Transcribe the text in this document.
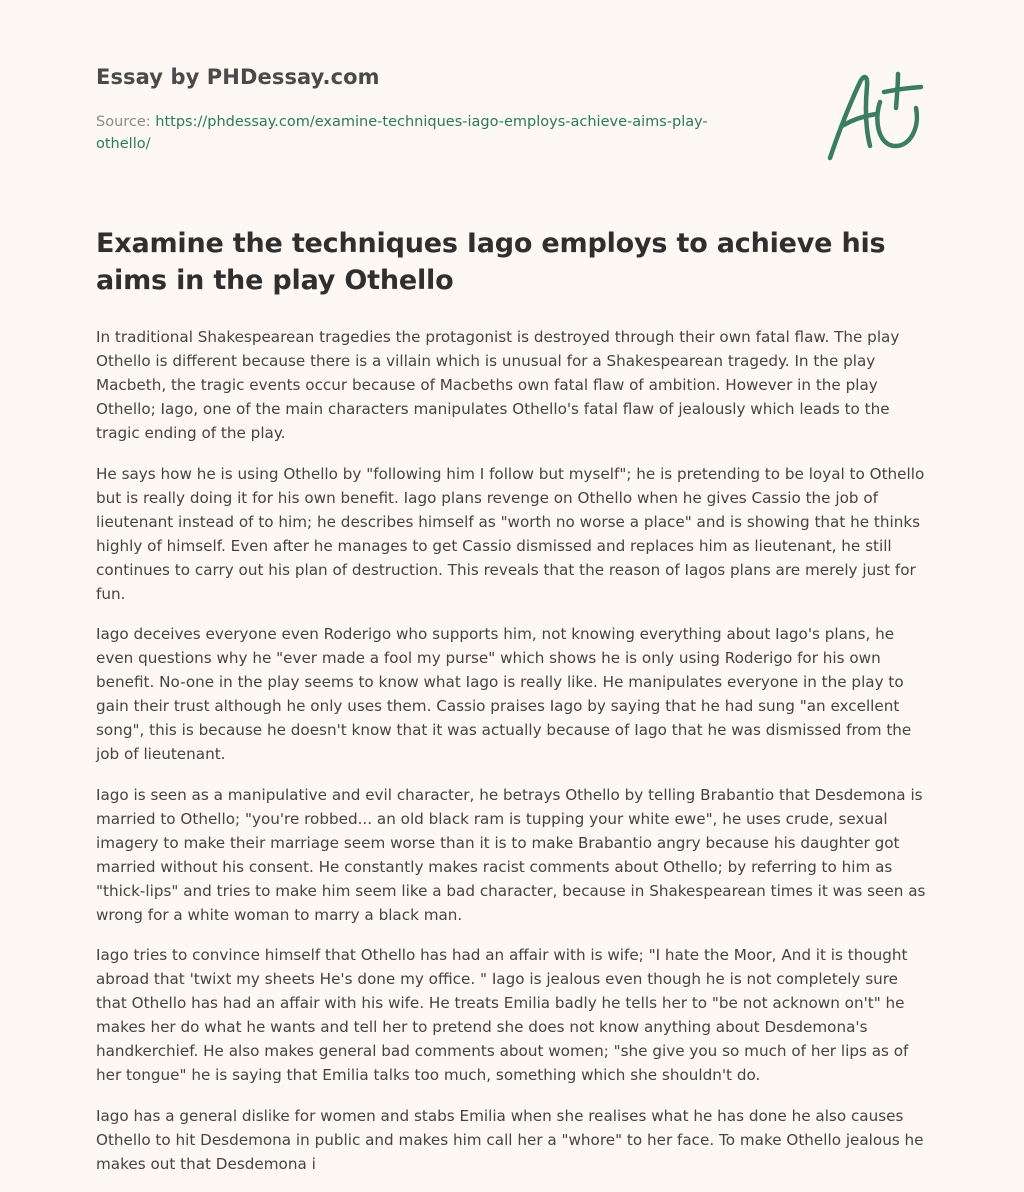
Essay by PHDessay.com
Source: https://phdessay.com/examine-techniques-iago-employs-achieve-aims-play-othello/
Examine the techniques Iago employs to achieve his aims in the play Othello

In traditional Shakespearean tragedies the protagonist is destroyed through their own fatal flaw. The play Othello is different because there is a villain which is unusual for a Shakespearean tragedy. In the play Macbeth, the tragic events occur because of Macbeths own fatal flaw of ambition. However in the play Othello; Iago, one of the main characters manipulates Othello's fatal flaw of jealously which leads to the tragic ending of the play.

He says how he is using Othello by "following him I follow but myself"; he is pretending to be loyal to Othello but is really doing it for his own benefit. Iago plans revenge on Othello when he gives Cassio the job of lieutenant instead of to him; he describes himself as "worth no worse a place" and is showing that he thinks highly of himself. Even after he manages to get Cassio dismissed and replaces him as lieutenant, he still continues to carry out his plan of destruction. This reveals that the reason of Iagos plans are merely just for fun.

Iago deceives everyone even Roderigo who supports him, not knowing everything about Iago's plans, he even questions why he "ever made a fool my purse" which shows he is only using Roderigo for his own benefit. No-one in the play seems to know what Iago is really like. He manipulates everyone in the play to gain their trust although he only uses them. Cassio praises Iago by saying that he had sung "an excellent song", this is because he doesn't know that it was actually because of Iago that he was dismissed from the job of lieutenant.

Iago is seen as a manipulative and evil character, he betrays Othello by telling Brabantio that Desdemona is married to Othello; "you're robbed... an old black ram is tupping your white ewe", he uses crude, sexual imagery to make their marriage seem worse than it is to make Brabantio angry because his daughter got married without his consent. He constantly makes racist comments about Othello; by referring to him as "thick-lips" and tries to make him seem like a bad character, because in Shakespearean times it was seen as wrong for a white woman to marry a black man.

Iago tries to convince himself that Othello has had an affair with is wife; "I hate the Moor, And it is thought abroad that 'twixt my sheets He's done my office. " Iago is jealous even though he is not completely sure that Othello has had an affair with his wife. He treats Emilia badly he tells her to "be not acknown on't" he makes her do what he wants and tell her to pretend she does not know anything about Desdemona's handkerchief. He also makes general bad comments about women; "she give you so much of her lips as of her tongue" he is saying that Emilia talks too much, something which she shouldn't do.

Iago has a general dislike for women and stabs Emilia when she realises what he has done he also causes Othello to hit Desdemona in public and makes him call her a "whore" to her face. To make Othello jealous he makes out that Desdemona i
